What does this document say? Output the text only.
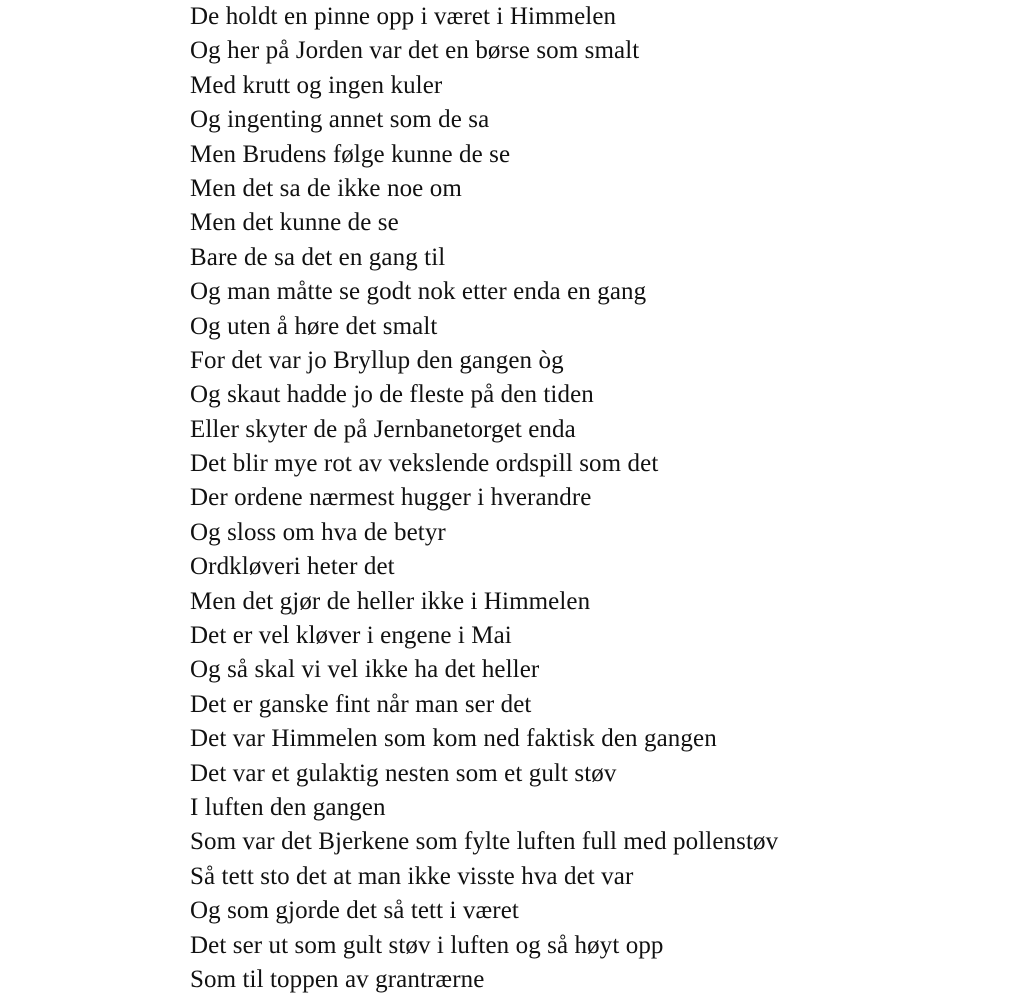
De holdt en pinne opp i været i Himmelen
Og her på Jorden var det en børse som smalt
Med krutt og ingen kuler
Og ingenting annet som de sa
Men Brudens følge kunne de se
Men det sa de ikke noe om
Men det kunne de se
Bare de sa det en gang til
Og man måtte se godt nok etter enda en gang
Og uten å høre det smalt
For det var jo Bryllup den gangen òg
Og skaut hadde jo de fleste på den tiden
Eller skyter de på Jernbanetorget enda
Det blir mye rot av vekslende ordspill som det
Der ordene nærmest hugger i hverandre
Og sloss om hva de betyr
Ordkløveri heter det
Men det gjør de heller ikke i Himmelen
Det er vel kløver i engene i Mai
Og så skal vi vel ikke ha det heller
Det er ganske fint når man ser det
Det var Himmelen som kom ned faktisk den gangen
Det var et gulaktig nesten som et gult støv
I luften den gangen
Som var det Bjerkene som fylte luften full med pollenstøv
Så tett sto det at man ikke visste hva det var
Og som gjorde det så tett i været
Det ser ut som gult støv i luften og så høyt opp
Som til toppen av grantrærne
